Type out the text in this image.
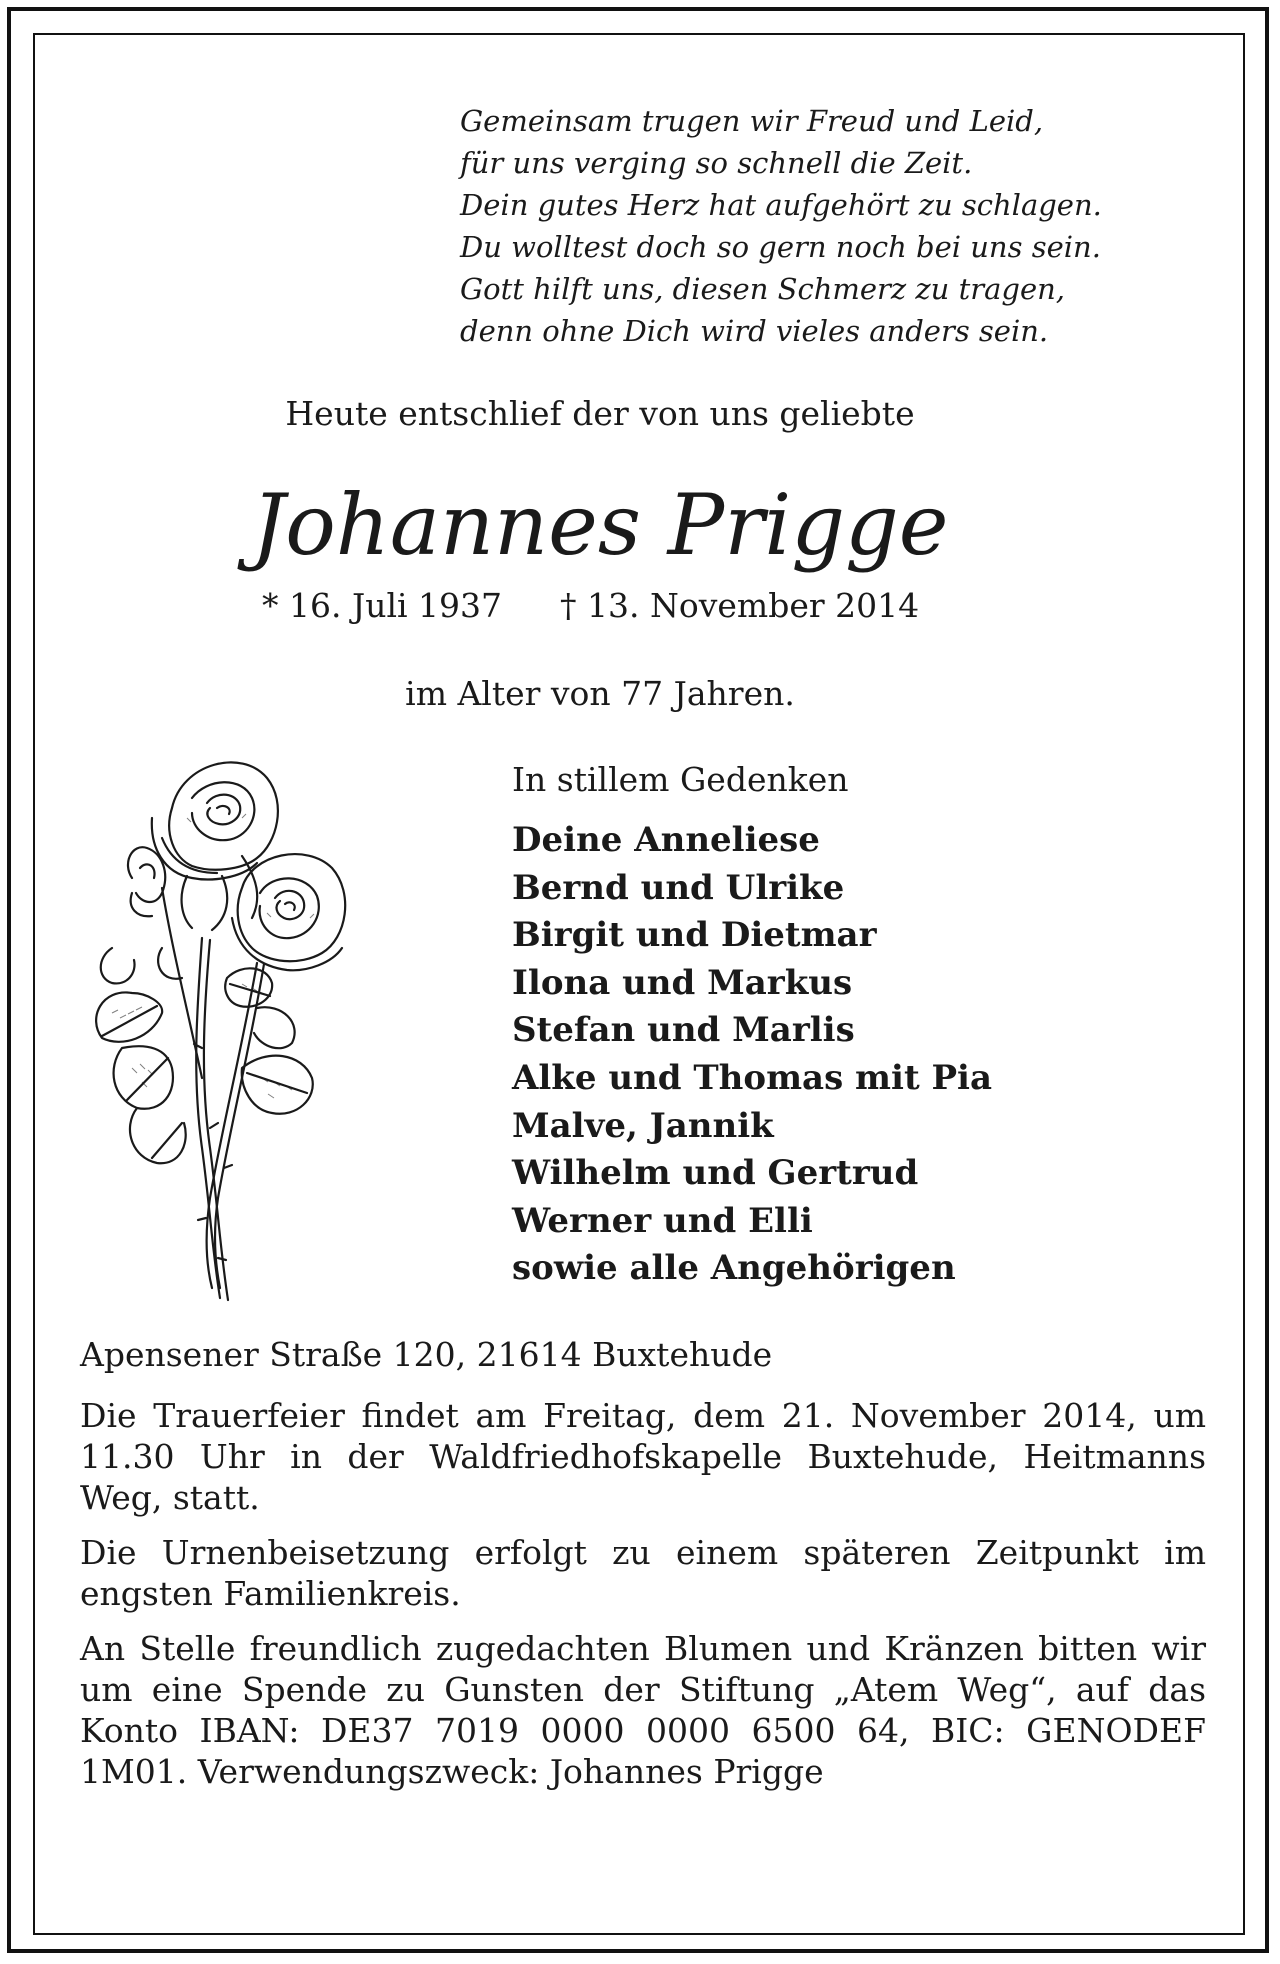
Gemeinsam trugen wir Freud und Leid,
für uns verging so schnell die Zeit.
Dein gutes Herz hat aufgehört zu schlagen.
Du wolltest doch so gern noch bei uns sein.
Gott hilft uns, diesen Schmerz zu tragen,
denn ohne Dich wird vieles anders sein.
Heute entschlief der von uns geliebte
Johannes Prigge
* 16. Juli 1937 † 13. November 2014
im Alter von 77 Jahren.
In stillem Gedenken
Deine Anneliese
Bernd und Ulrike
Birgit und Dietmar
Ilona und Markus
Stefan und Marlis
Alke und Thomas mit Pia
Malve, Jannik
Wilhelm und Gertrud
Werner und Elli
sowie alle Angehörigen

Apensener Straße 120, 21614 Buxtehude

Die Trauerfeier findet am Freitag, dem 21. November 2014, um 11.30 Uhr in der Waldfriedhofskapelle Buxtehude, Heitmanns Weg, statt.

Die Urnenbeisetzung erfolgt zu einem späteren Zeitpunkt im engsten Familienkreis.

An Stelle freundlich zugedachten Blumen und Kränzen bitten wir um eine Spende zu Gunsten der Stiftung „Atem Weg“, auf das Konto IBAN: DE37 7019 0000 0000 6500 64, BIC: GENODEF 1M01. Verwendungszweck: Johannes Prigge
